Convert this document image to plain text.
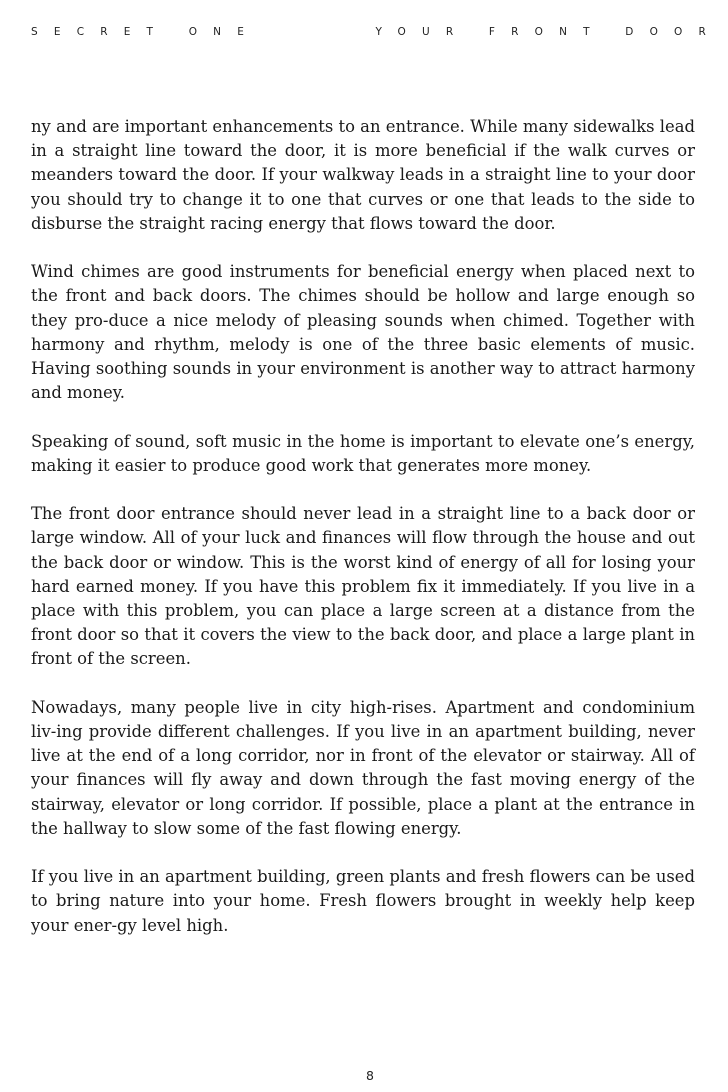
SECRET ONE	YOUR FRONT DOOR

ny and are important enhancements to an entrance. While many sidewalks lead in a straight line toward the door, it is more beneficial if the walk curves or meanders toward the door. If your walkway leads in a straight line to your door you should try to change it to one that curves or one that leads to the side to disburse the straight racing energy that flows toward the door.

Wind chimes are good instruments for beneficial energy when placed next to the front and back doors. The chimes should be hollow and large enough so they pro-duce a nice melody of pleasing sounds when chimed. Together with harmony and rhythm, melody is one of the three basic elements of music. Having soothing sounds in your environment is another way to attract harmony and money.

Speaking of sound, soft music in the home is important to elevate one’s energy, making it easier to produce good work that generates more money.

The front door entrance should never lead in a straight line to a back door or large window. All of your luck and finances will flow through the house and out the back door or window. This is the worst kind of energy of all for losing your hard earned money. If you have this problem fix it immediately. If you live in a place with this problem, you can place a large screen at a distance from the front door so that it covers the view to the back door, and place a large plant in front of the screen.

Nowadays, many people live in city high-rises. Apartment and condominium liv-ing provide different challenges. If you live in an apartment building, never live at the end of a long corridor, nor in front of the elevator or stairway. All of your finances will fly away and down through the fast moving energy of the stairway, elevator or long corridor. If possible, place a plant at the entrance in the hallway to slow some of the fast flowing energy.

If you live in an apartment building, green plants and fresh flowers can be used to bring nature into your home. Fresh flowers brought in weekly help keep your ener-gy level high.

8
